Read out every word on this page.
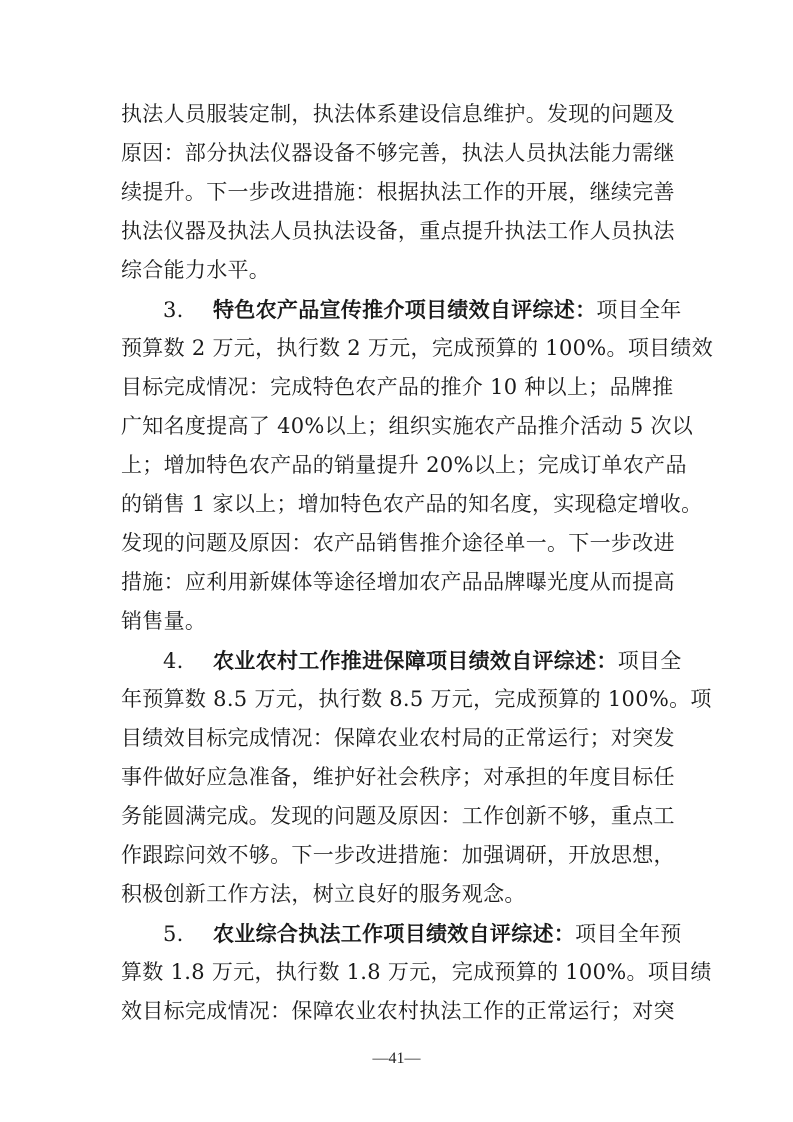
执法人员服装定制，执法体系建设信息维护。发现的问题及
原因：部分执法仪器设备不够完善，执法人员执法能力需继
续提升。下一步改进措施：根据执法工作的开展，继续完善
执法仪器及执法人员执法设备，重点提升执法工作人员执法
综合能力水平。
3. 特色农产品宣传推介项目绩效自评综述：项目全年
预算数 2 万元，执行数 2 万元，完成预算的 100%。项目绩效
目标完成情况：完成特色农产品的推介 10 种以上；品牌推
广知名度提高了 40%以上；组织实施农产品推介活动 5 次以
上；增加特色农产品的销量提升 20%以上；完成订单农产品
的销售 1 家以上；增加特色农产品的知名度，实现稳定增收。
发现的问题及原因：农产品销售推介途径单一。下一步改进
措施：应利用新媒体等途径增加农产品品牌曝光度从而提高
销售量。
4. 农业农村工作推进保障项目绩效自评综述：项目全
年预算数 8.5 万元，执行数 8.5 万元，完成预算的 100%。项
目绩效目标完成情况：保障农业农村局的正常运行；对突发
事件做好应急准备，维护好社会秩序；对承担的年度目标任
务能圆满完成。发现的问题及原因：工作创新不够，重点工
作跟踪问效不够。下一步改进措施：加强调研，开放思想，
积极创新工作方法，树立良好的服务观念。
5. 农业综合执法工作项目绩效自评综述：项目全年预
算数 1.8 万元，执行数 1.8 万元，完成预算的 100%。项目绩
效目标完成情况：保障农业农村执法工作的正常运行；对突
—41—
